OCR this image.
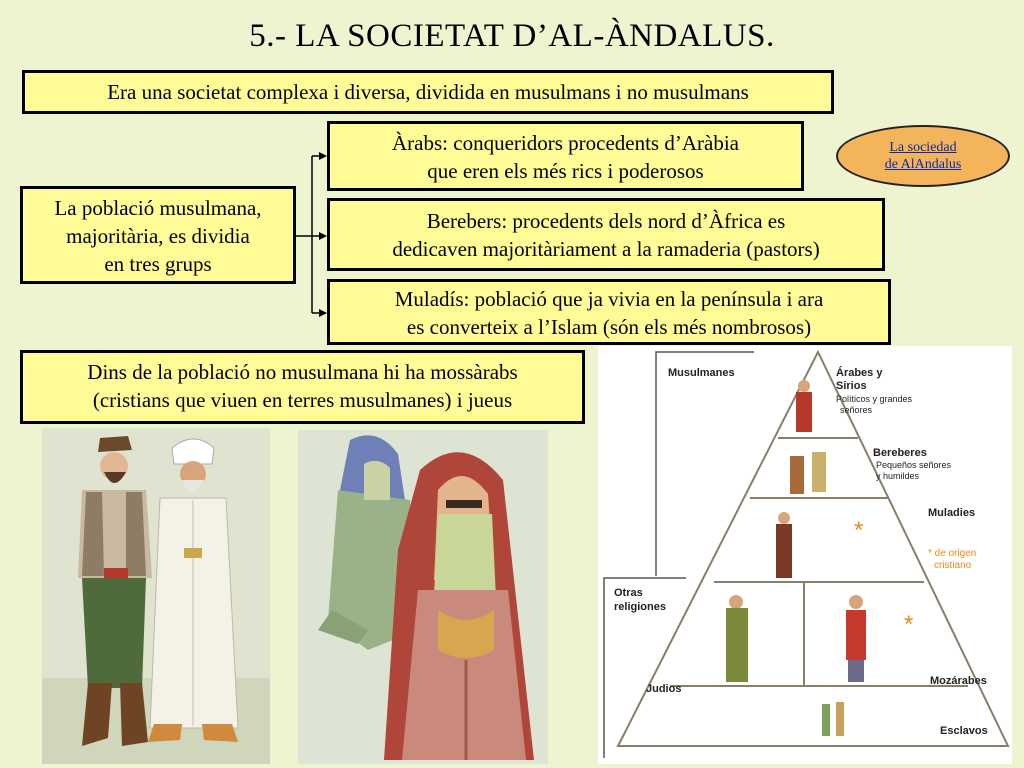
5.- LA SOCIETAT D’AL-ÀNDALUS.
Era una societat complexa i diversa, dividida en musulmans i no musulmans
La població musulmana,
majoritària, es dividia
en tres grups
Àrabs: conqueridors procedents d’Aràbia
que eren els més rics i poderosos
Berebers: procedents dels nord d’Àfrica es
dedicaven majoritàriament a la ramaderia (pastors)
Muladís: població que ja vivia en la península i ara
es converteix a l’Islam (són els més nombrosos)
Dins de la població no musulmana hi ha mossàrabs
(cristians que viuen en terres musulmanes) i jueus
La sociedad
de AlAndalus
Musulmanes	Árabes y
Sirios
Políticos y grandes
señores
Bereberes
Pequeños señores
y humildes
Muladies
*
* de origen
cristiano
Otras
religiones
*
Judios
Mozárabes
Esclavos
